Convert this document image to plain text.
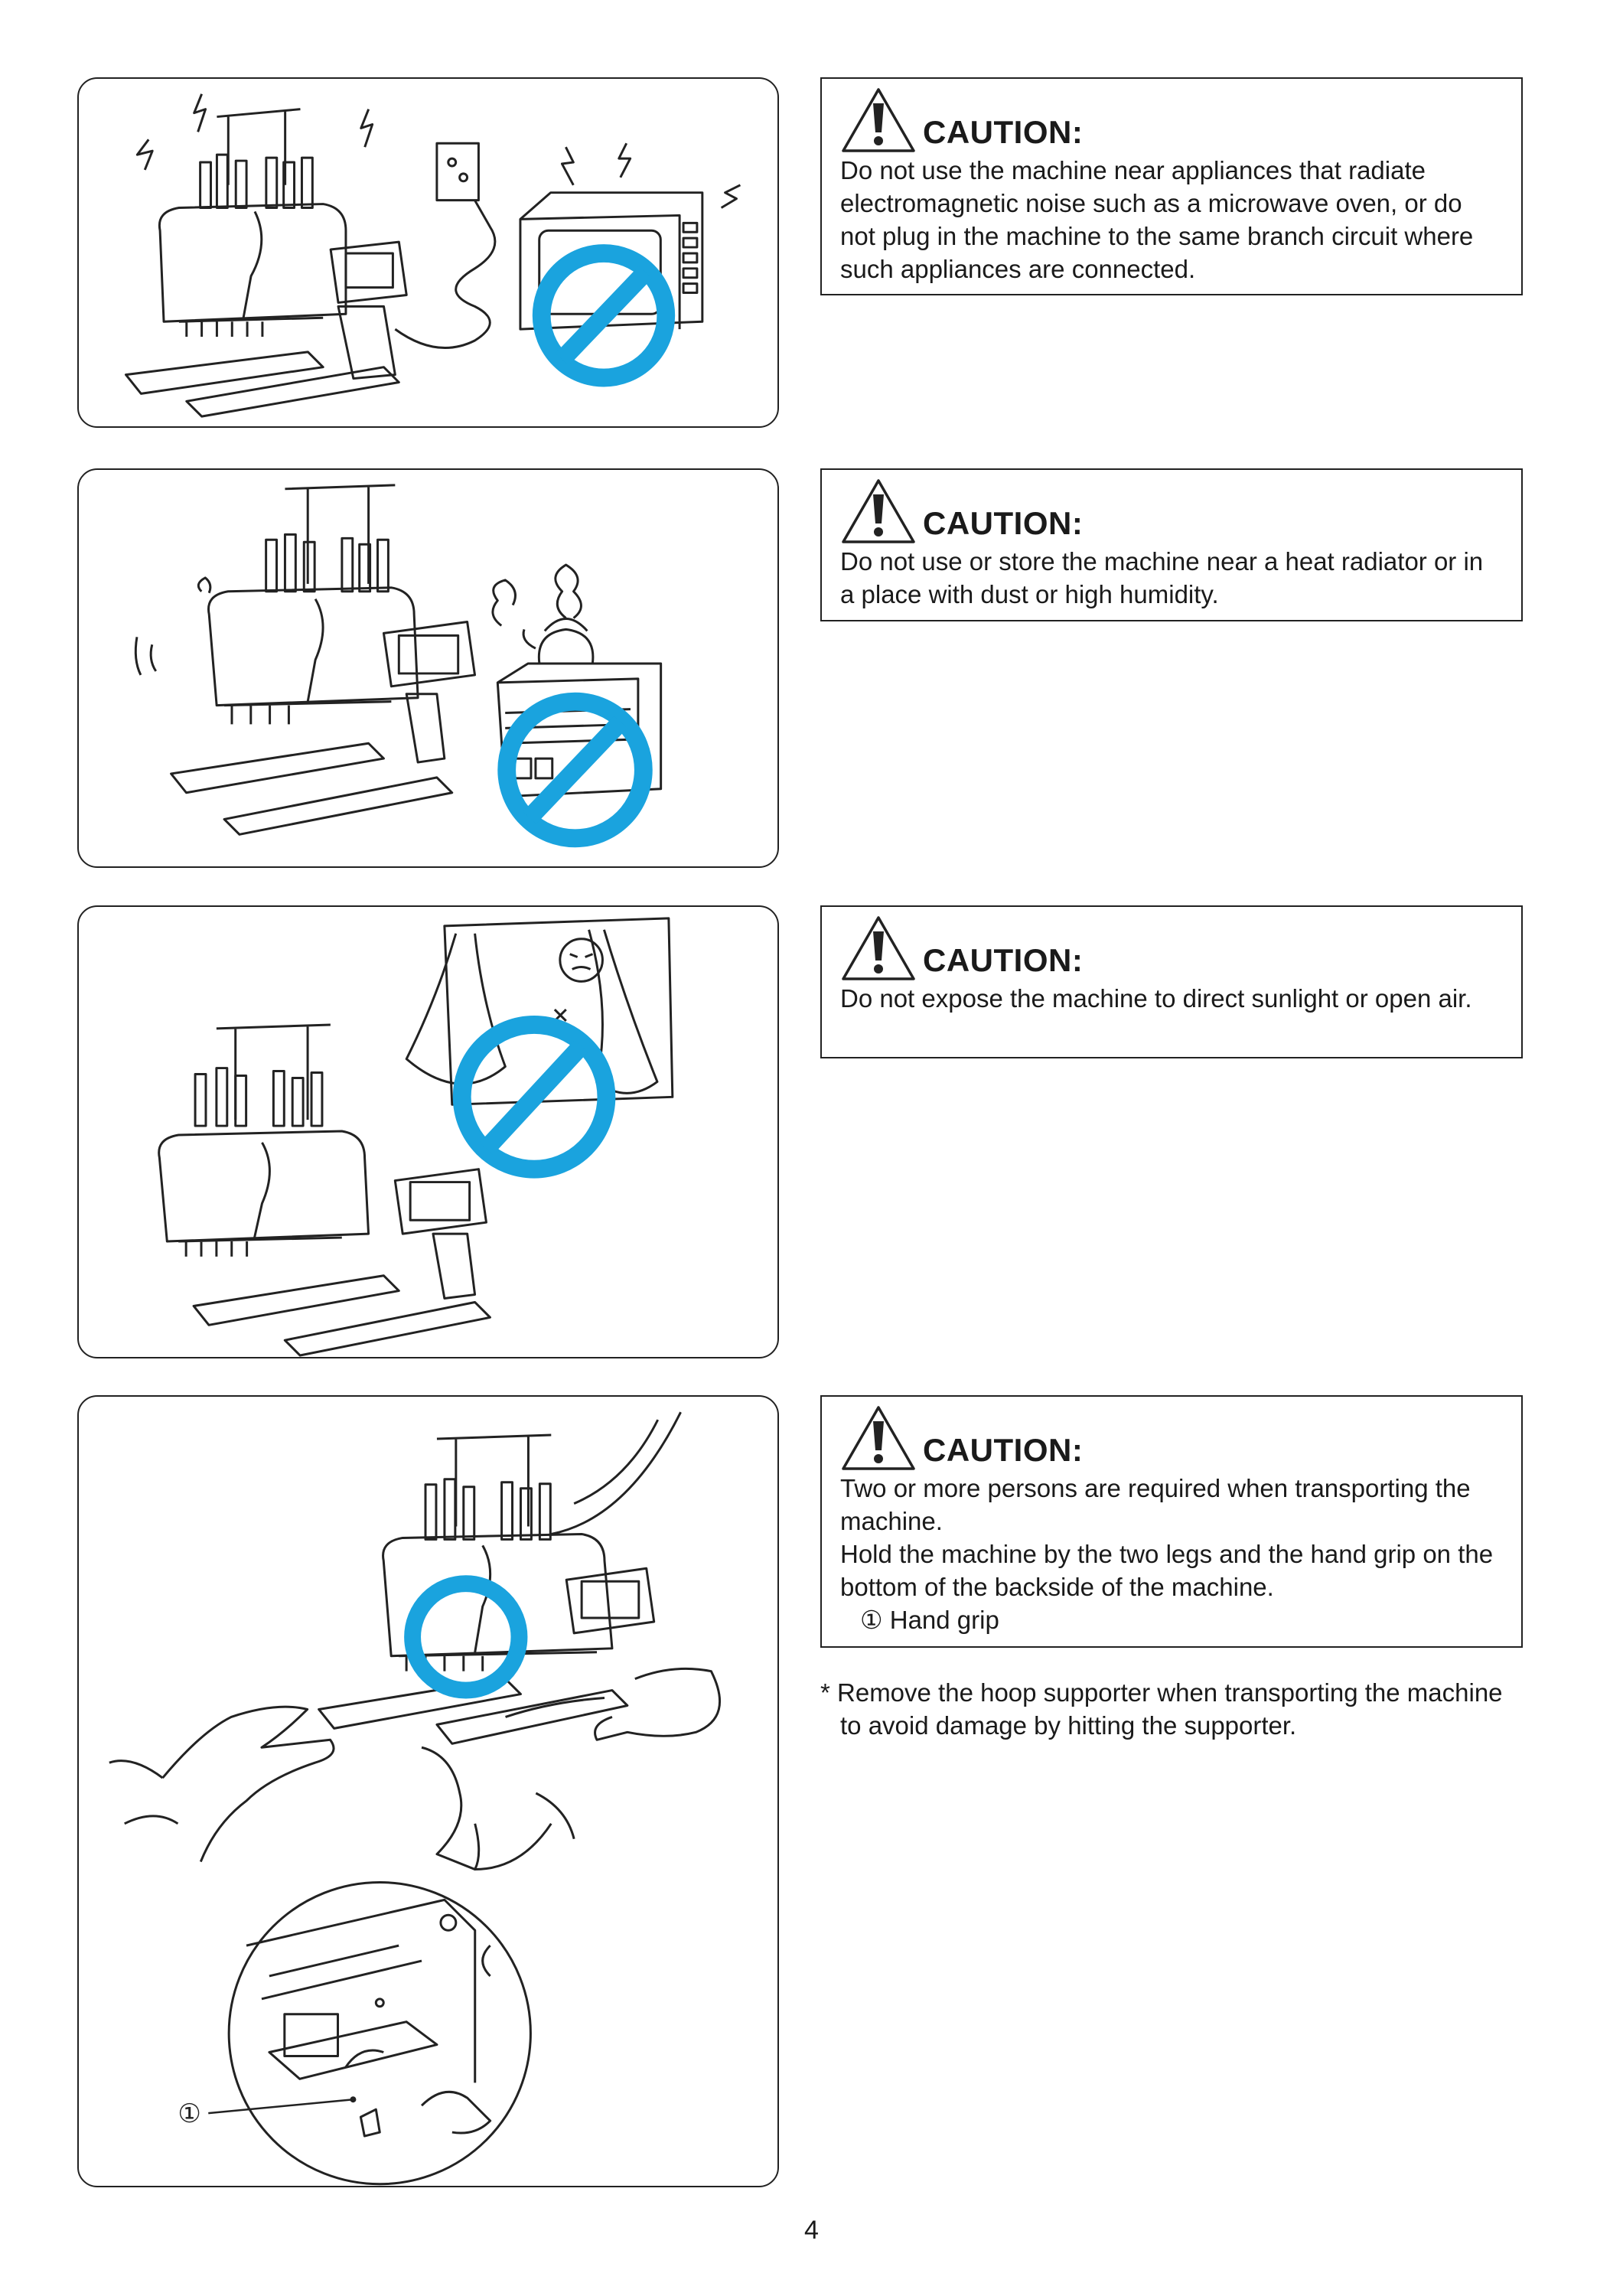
CAUTION:

Do not use the machine near appliances that radiate electromagnetic noise such as a microwave oven, or do not plug in the machine to the same branch circuit where such appliances are connected.

CAUTION:

Do not use or store the machine near a heat radiator or in a place with dust or high humidity.

CAUTION:

Do not expose the machine to direct sunlight or open air.

①
CAUTION:

Two or more persons are required when transporting the machine.

Hold the machine by the two legs and the hand grip on the bottom of the backside of the machine.

① Hand grip
* Remove the hoop supporter when transporting the machine to avoid damage by hitting the supporter.
4
